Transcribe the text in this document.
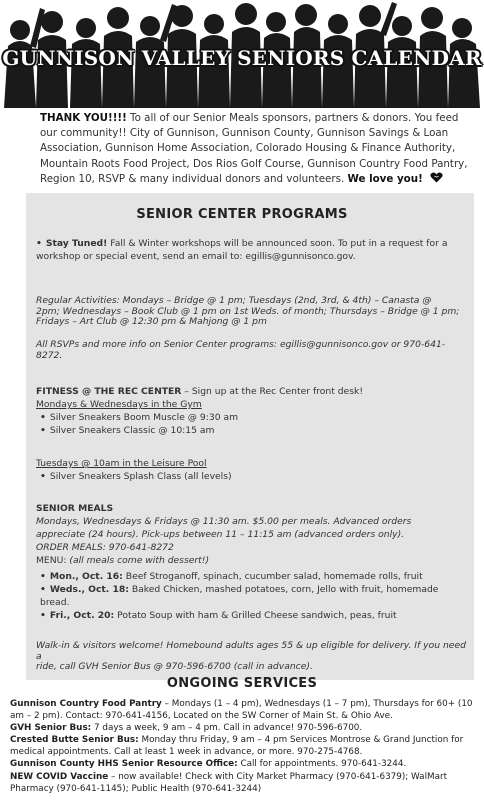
GUNNISON VALLEY SENIORS CALENDAR
THANK YOU!!!! To all of our Senior Meals sponsors, partners & donors. You feed our community!! City of Gunnison, Gunnison County, Gunnison Savings & Loan Association, Gunnison Home Association, Colorado Housing & Finance Authority, Mountain Roots Food Project, Dos Rios Golf Course, Gunnison Country Food Pantry, Region 10, RSVP & many individual donors and volunteers. We love you!
SENIOR CENTER PROGRAMS
• Stay Tuned! Fall & Winter workshops will be announced soon. To put in a request for a
workshop or special event, send an email to: egillis@gunnisonco.gov.
Regular Activities: Mondays – Bridge @ 1 pm; Tuesdays (2nd, 3rd, & 4th) – Canasta @
2pm; Wednesdays – Book Club @ 1 pm on 1st Weds. of month; Thursdays – Bridge @ 1 pm;
Fridays – Art Club @ 12:30 pm & Mahjong @ 1 pm
All RSVPs and more info on Senior Center programs: egillis@gunnisonco.gov or 970-641-
8272.
FITNESS @ THE REC CENTER – Sign up at the Rec Center front desk!
Mondays & Wednesdays in the Gym
• Silver Sneakers Boom Muscle @ 9:30 am
• Silver Sneakers Classic @ 10:15 am
Tuesdays @ 10am in the Leisure Pool
• Silver Sneakers Splash Class (all levels)
SENIOR MEALS
Mondays, Wednesdays & Fridays @ 11:30 am. $5.00 per meals. Advanced orders
appreciate (24 hours). Pick-ups between 11 – 11:15 am (advanced orders only).
ORDER MEALS: 970-641-8272
MENU: (all meals come with dessert!)
• Mon., Oct. 16: Beef Stroganoff, spinach, cucumber salad, homemade rolls, fruit
• Weds., Oct. 18: Baked Chicken, mashed potatoes, corn, Jello with fruit, homemade
bread.
• Fri., Oct. 20: Potato Soup with ham & Grilled Cheese sandwich, peas, fruit
Walk-in & visitors welcome! Homebound adults ages 55 & up eligible for delivery. If you need a
ride, call GVH Senior Bus @ 970-596-6700 (call in advance).
ONGOING SERVICES
Gunnison Country Food Pantry – Mondays (1 – 4 pm), Wednesdays (1 – 7 pm), Thursdays for 60+ (10 am – 2 pm). Contact: 970-641-4156, Located on the SW Corner of Main St. & Ohio Ave.
GVH Senior Bus: 7 days a week, 9 am – 4 pm. Call in advance! 970-596-6700.
Crested Butte Senior Bus: Monday thru Friday, 9 am – 4 pm Services Montrose & Grand Junction for medical appointments. Call at least 1 week in advance, or more. 970-275-4768.
Gunnison County HHS Senior Resource Office: Call for appointments. 970-641-3244.
NEW COVID Vaccine – now available! Check with City Market Pharmacy (970-641-6379); WalMart Pharmacy (970-641-1145); Public Health (970-641-3244)
